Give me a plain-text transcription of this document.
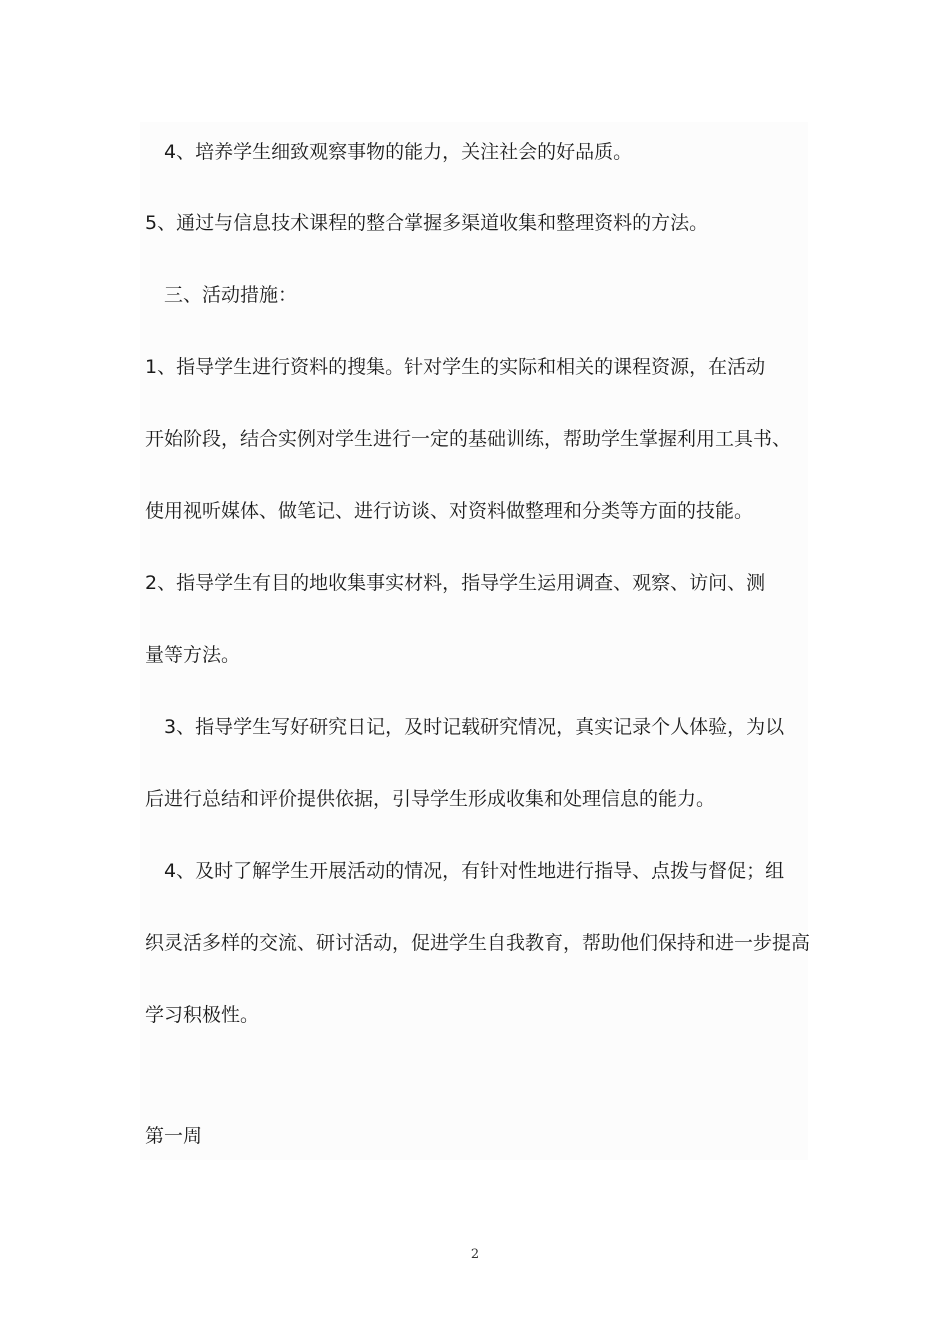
4、培养学生细致观察事物的能力，关注社会的好品质。
5、通过与信息技术课程的整合掌握多渠道收集和整理资料的方法。
三、活动措施：
1、指导学生进行资料的搜集。针对学生的实际和相关的课程资源，在活动
开始阶段，结合实例对学生进行一定的基础训练，帮助学生掌握利用工具书、
使用视听媒体、做笔记、进行访谈、对资料做整理和分类等方面的技能。
2、指导学生有目的地收集事实材料，指导学生运用调查、观察、访问、测
量等方法。
3、指导学生写好研究日记，及时记载研究情况，真实记录个人体验，为以
后进行总结和评价提供依据，引导学生形成收集和处理信息的能力。
4、及时了解学生开展活动的情况，有针对性地进行指导、点拨与督促；组
织灵活多样的交流、研讨活动，促进学生自我教育，帮助他们保持和进一步提高
学习积极性。
第一周
2
